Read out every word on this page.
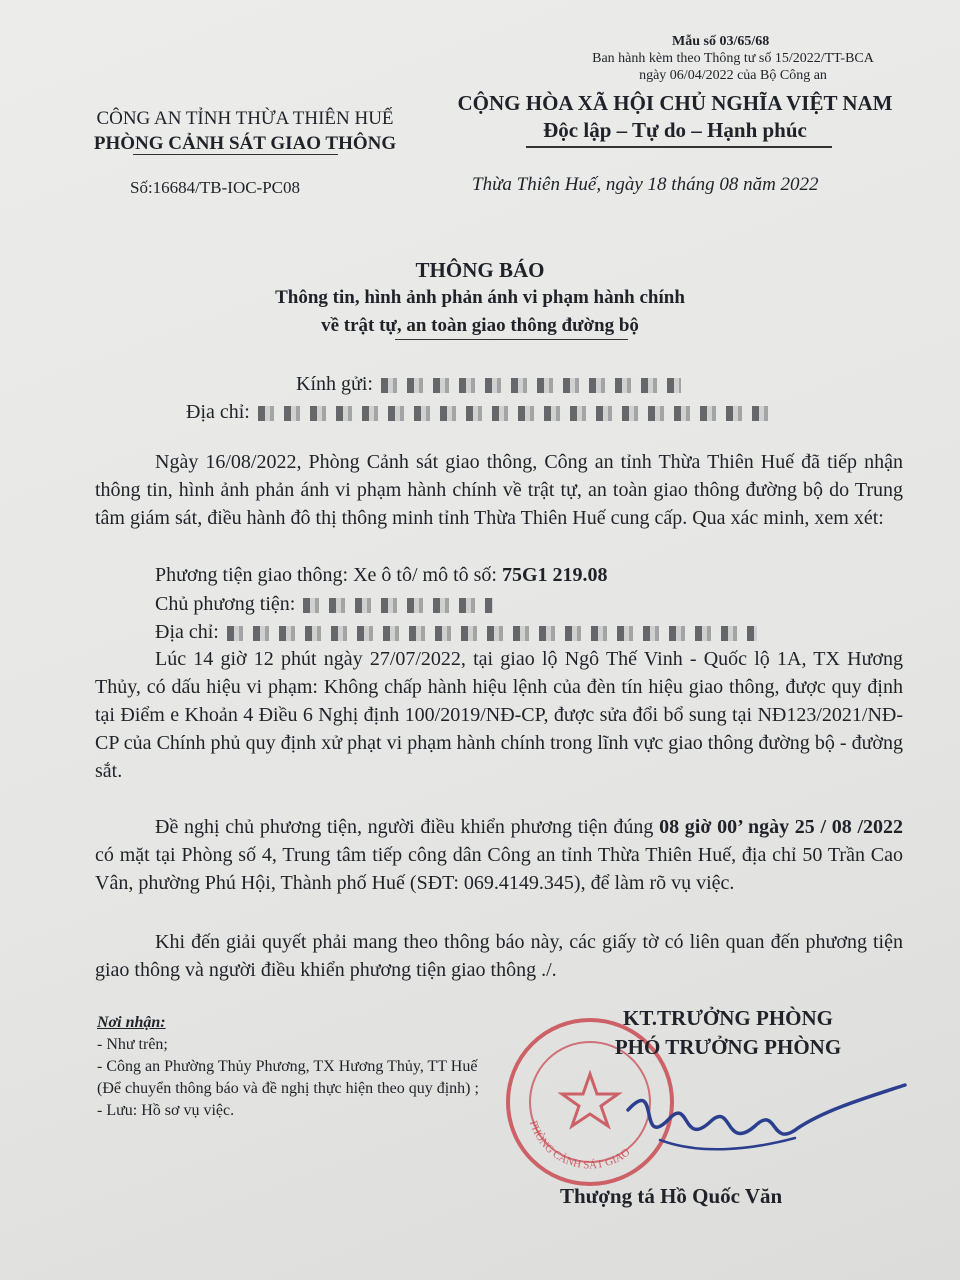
Mẫu số 03/65/68
Ban hành kèm theo Thông tư số 15/2022/TT-BCA
ngày 06/04/2022 của Bộ Công an
CÔNG AN TỈNH THỪA THIÊN HUẾ
PHÒNG CẢNH SÁT GIAO THÔNG
CỘNG HÒA XÃ HỘI CHỦ NGHĨA VIỆT NAM
Độc lập – Tự do – Hạnh phúc
Số:16684/TB-IOC-PC08	Thừa Thiên Huế, ngày 18 tháng 08 năm 2022
THÔNG BÁO
Thông tin, hình ảnh phản ánh vi phạm hành chính
về trật tự, an toàn giao thông đường bộ
Kính gửi:
Địa chỉ:
Ngày 16/08/2022, Phòng Cảnh sát giao thông, Công an tỉnh Thừa Thiên Huế đã tiếp nhận thông tin, hình ảnh phản ánh vi phạm hành chính về trật tự, an toàn giao thông đường bộ do Trung tâm giám sát, điều hành đô thị thông minh tỉnh Thừa Thiên Huế cung cấp. Qua xác minh, xem xét:
Phương tiện giao thông: Xe ô tô/ mô tô số: 75G1 219.08
Chủ phương tiện:
Địa chỉ:
Lúc 14 giờ 12 phút ngày 27/07/2022, tại giao lộ Ngô Thế Vinh - Quốc lộ 1A, TX Hương Thủy, có dấu hiệu vi phạm: Không chấp hành hiệu lệnh của đèn tín hiệu giao thông, được quy định tại Điểm e Khoản 4 Điều 6 Nghị định 100/2019/NĐ-CP, được sửa đổi bổ sung tại NĐ123/2021/NĐ-CP của Chính phủ quy định xử phạt vi phạm hành chính trong lĩnh vực giao thông đường bộ - đường sắt.
Đề nghị chủ phương tiện, người điều khiển phương tiện đúng 08 giờ 00’ ngày 25 / 08 /2022 có mặt tại Phòng số 4, Trung tâm tiếp công dân Công an tỉnh Thừa Thiên Huế, địa chỉ 50 Trần Cao Vân, phường Phú Hội, Thành phố Huế (SĐT: 069.4149.345), để làm rõ vụ việc.
Khi đến giải quyết phải mang theo thông báo này, các giấy tờ có liên quan đến phương tiện giao thông và người điều khiển phương tiện giao thông ./.
Nơi nhận:
- Như trên;
- Công an Phường Thủy Phương, TX Hương Thủy, TT Huế (Để chuyển thông báo và đề nghị thực hiện theo quy định) ;
- Lưu: Hồ sơ vụ việc.
PHÒNG CẢNH SÁT GIAO
KT.TRƯỞNG PHÒNG
PHÓ TRƯỞNG PHÒNG
Thượng tá Hồ Quốc Văn
